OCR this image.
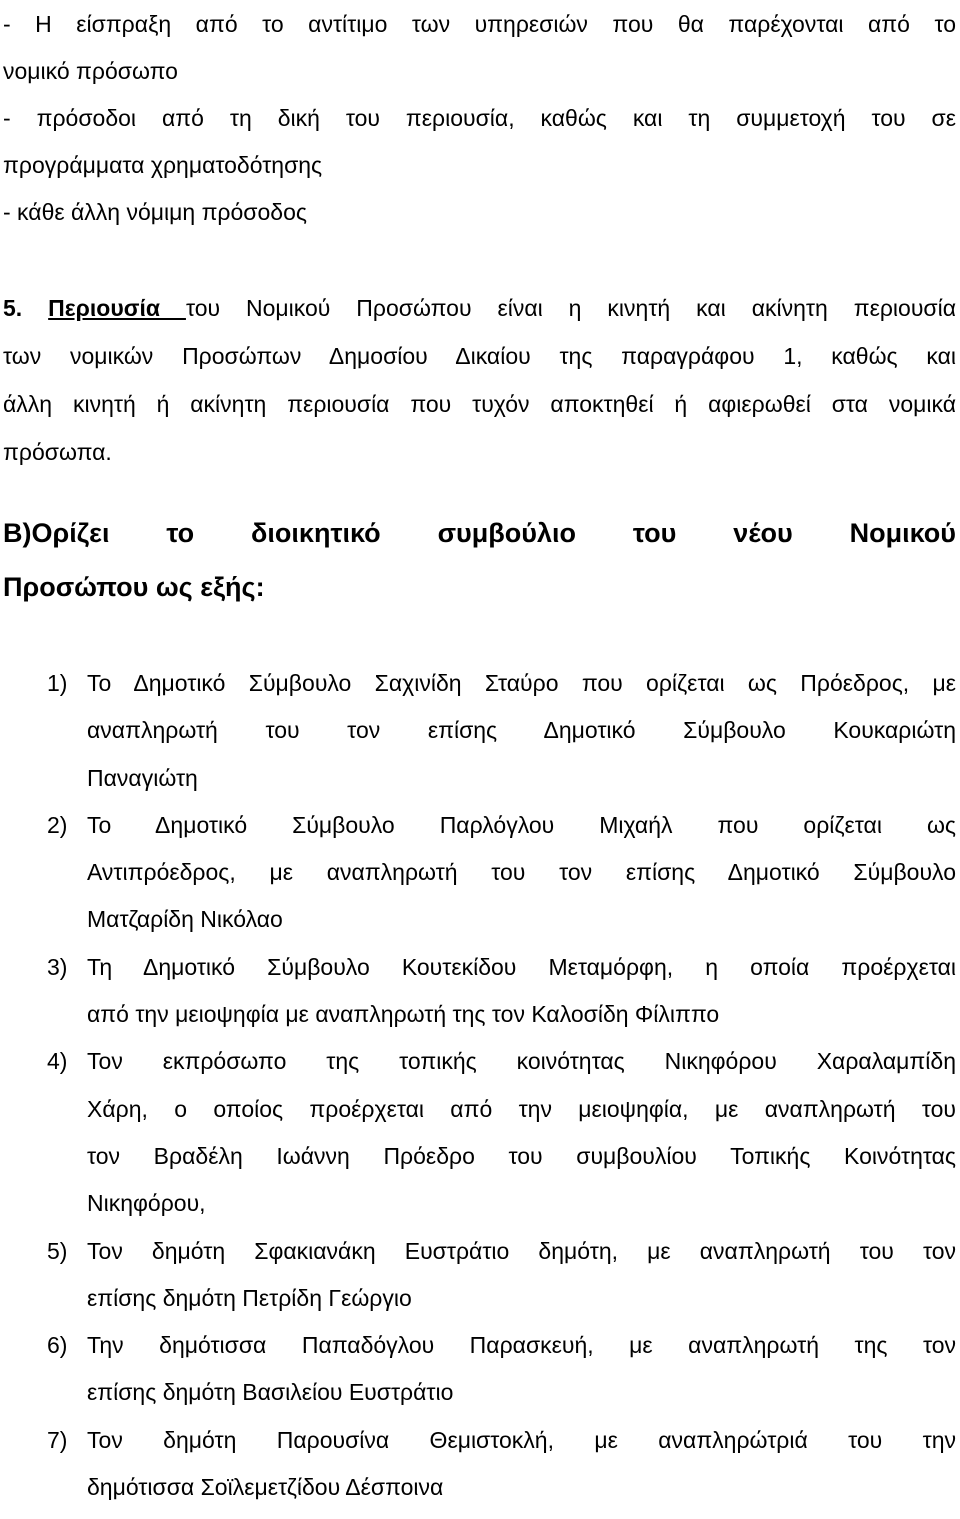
- Η είσπραξη από το αντίτιμο των υπηρεσιών που θα παρέχονται από το
νομικό πρόσωπο
- πρόσοδοι από τη δική του περιουσία, καθώς και τη συμμετοχή του σε
προγράμματα χρηματοδότησης
- κάθε άλλη νόμιμη πρόσοδος
5. Περιουσία του Νομικού Προσώπου είναι η κινητή και ακίνητη περιουσία
των νομικών Προσώπων Δημοσίου Δικαίου της παραγράφου 1, καθώς και
άλλη κινητή ή ακίνητη περιουσία που τυχόν αποκτηθεί ή αφιερωθεί στα νομικά
πρόσωπα.
Β)Ορίζει το διοικητικό συμβούλιο του νέου Νομικού
Προσώπου ως εξής:
1) Το Δημοτικό Σύμβουλο Σαχινίδη Σταύρο που ορίζεται ως Πρόεδρος, με
αναπληρωτή του τον επίσης Δημοτικό Σύμβουλο Κουκαριώτη
Παναγιώτη
2) Το Δημοτικό Σύμβουλο Παρλόγλου Μιχαήλ που ορίζεται ως
Αντιπρόεδρος, με αναπληρωτή του τον επίσης Δημοτικό Σύμβουλο
Ματζαρίδη Νικόλαο
3) Τη Δημοτικό Σύμβουλο Κουτεκίδου Μεταμόρφη, η οποία προέρχεται
από την μειοψηφία με αναπληρωτή της τον Καλοσίδη Φίλιππο
4) Τον εκπρόσωπο της τοπικής κοινότητας Νικηφόρου Χαραλαμπίδη
Χάρη, ο οποίος προέρχεται από την μειοψηφία, με αναπληρωτή του
τον Βραδέλη Ιωάννη Πρόεδρο του συμβουλίου Τοπικής Κοινότητας
Νικηφόρου,
5) Τον δημότη Σφακιανάκη Ευστράτιο δημότη, με αναπληρωτή του τον
επίσης δημότη Πετρίδη Γεώργιο
6) Την δημότισσα Παπαδόγλου Παρασκευή, με αναπληρωτή της τον
επίσης δημότη Βασιλείου Ευστράτιο
7) Τον δημότη Παρουσίνα Θεμιστοκλή, με αναπληρώτριά του την
δημότισσα Σοϊλεμετζίδου Δέσποινα
